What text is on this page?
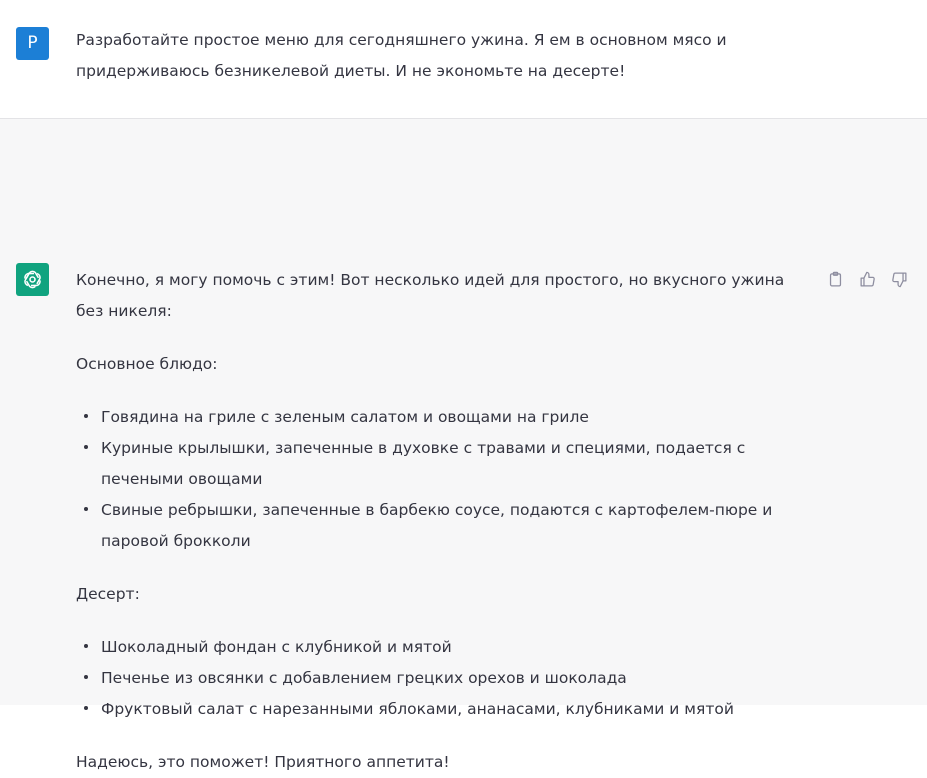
P	Разработайте простое меню для сегодняшнего ужина. Я ем в основном мясо и придерживаюсь безникелевой диеты. И не экономьте на десерте!

Конечно, я могу помочь с этим! Вот несколько идей для простого, но вкусного ужина без никеля:

Основное блюдо:

Говядина на гриле с зеленым салатом и овощами на гриле
Куриные крылышки, запеченные в духовке с травами и специями, подается с печеными овощами
Свиные ребрышки, запеченные в барбекю соусе, подаются с картофелем-пюре и паровой брокколи

Десерт:

Шоколадный фондан с клубникой и мятой
Печенье из овсянки с добавлением грецких орехов и шоколада
Фруктовый салат с нарезанными яблоками, ананасами, клубниками и мятой

Надеюсь, это поможет! Приятного аппетита!
